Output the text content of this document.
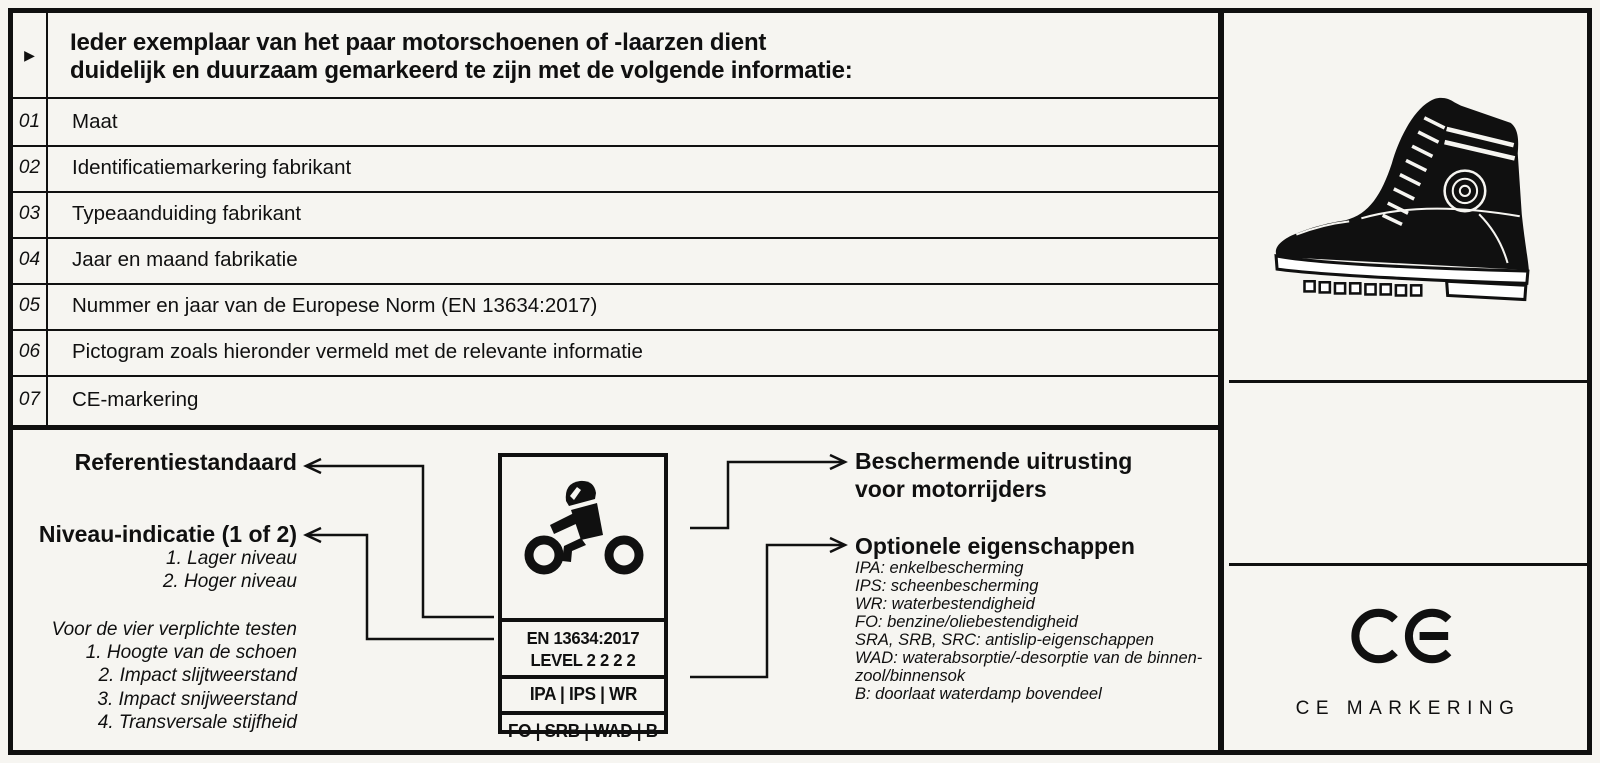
▶	Ieder exemplaar van het paar motorschoenen of -laarzen dient
duidelijk en duurzaam gemarkeerd te zijn met de volgende informatie:
01 Maat
02 Identificatiemarkering fabrikant
03 Typeaanduiding fabrikant
04 Jaar en maand fabrikatie
05 Nummer en jaar van de Europese Norm (EN 13634:2017)
06 Pictogram zoals hieronder vermeld met de relevante informatie
07 CE-markering
Referentiestandaard
Niveau-indicatie (1 of 2)
1. Lager niveau
2. Hoger niveau
Voor de vier verplichte testen
1. Hoogte van de schoen
2. Impact slijtweerstand
3. Impact snijweerstand
4. Transversale stijfheid
EN 13634:2017
LEVEL 2 2 2 2
IPA | IPS | WR
FO | SRB | WAD | B
Beschermende uitrusting
voor motorrijders
Optionele eigenschappen
IPA: enkelbescherming
IPS: scheenbescherming
WR: waterbestendigheid
FO: benzine/oliebestendigheid
SRA, SRB, SRC: antislip-eigenschappen
WAD: waterabsorptie/-desorptie van de binnen-
zool/binnensok
B: doorlaat waterdamp bovendeel
CE MARKERING
